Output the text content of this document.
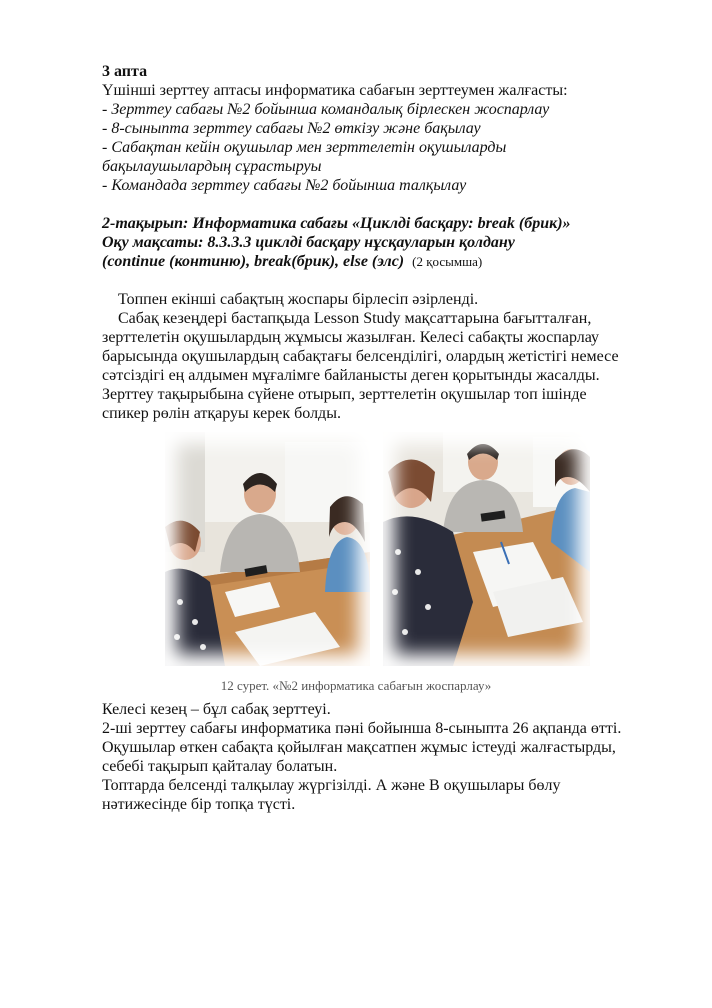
3 апта
Үшінші зерттеу аптасы информатика сабағын зерттеумен жалғасты:
- Зерттеу сабағы №2 бойынша командалық бірлескен жоспарлау
- 8-сыныпта зерттеу сабағы №2 өткізу және бақылау
- Сабақтан кейін оқушылар мен зерттелетін оқушыларды
бақылаушылардың сұрастыруы
- Командада зерттеу сабағы №2 бойынша талқылау
2-тақырып: Информатика сабағы «Циклді басқару: break (брик)»
Оқу мақсаты: 8.3.3.3 циклді басқару нұсқауларын қолдану
(continue (континю), break(брик), else (элс) (2 қосымша)
Топпен екінші сабақтың жоспары бірлесіп әзірленді.
Сабақ кезеңдері бастапқыда Lesson Study мақсаттарына бағытталған,
зерттелетін оқушылардың жұмысы жазылған. Келесі сабақты жоспарлау
барысында оқушылардың сабақтағы белсенділігі, олардың жетістігі немесе
сәтсіздігі ең алдымен мұғалімге байланысты деген қорытынды жасалды.
Зерттеу тақырыбына сүйене отырып, зерттелетін оқушылар топ ішінде
спикер рөлін атқаруы керек болды.
12 сурет. «№2 информатика сабағын жоспарлау»
Келесі кезең – бұл сабақ зерттеуі.
2-ші зерттеу сабағы информатика пәні бойынша 8-сыныпта 26 ақпанда өтті.
Оқушылар өткен сабақта қойылған мақсатпен жұмыс істеуді жалғастырды,
себебі тақырып қайталау болатын.
Топтарда белсенді талқылау жүргізілді. А және В оқушылары бөлу
нәтижесінде бір топқа түсті.
